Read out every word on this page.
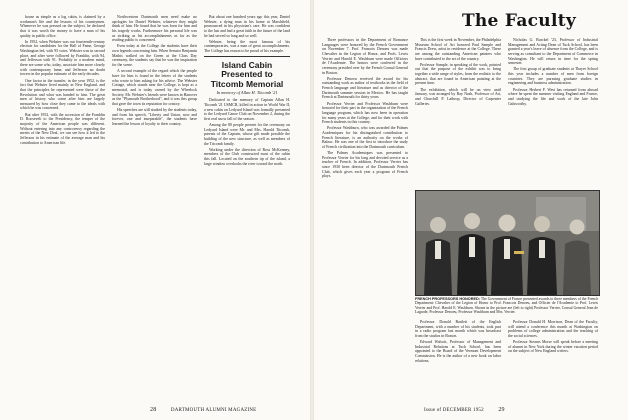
house as simple as a log cabin, is claimed by a workman's life and the lessons of his countrymen. Whenever he was pressed on the subject, he declared that it was worth the money to have a man of his quality in public office.

In 1952, when Webster was our fourteenth-century election for candidates for the Hall of Fame, George Washington led, with 95 votes. Webster was in second place, and after were followed by Franklin, with 94, and Jefferson with 91. Probably to a modern mind, there are some who, today, associate him more closely with contemporary fame, and Jefferson no doubt towers in the popular estimate of the early decades.

One factor in the transfer, in the year 1952, is the fact that Webster lived mainly in New England, and that the principles he represented were those of the Revolution and what was handed to him. The great men of history who come after him are largely measured by how close they came to the ideals with which he was concerned.

But after 1952, with the accession of the Franklin D. Roosevelt to the Presidency, the temper of the majority of the American people was different. Without entering into any controversy regarding the merits of the New Deal, we can see how it led to the Jefferson in his estimate of the average man and his contribution to American life.

Northwestern Dartmouth men need make no apologies for Daniel Webster, whatever they might think of him. He found that he was born for him and his tragedy works. Furthermore his personal life was as striking as his accomplishments as far as the reading public is concerned.

Even today at the College the students have their own legends concerning him. When Senator Benjamin Mathis walked on the Green at the Class Day ceremony, the students say that he was the inspiration for the scene.

A second example of the regard which the people have for him is found in the letters of the students who wrote to him asking for his advice. The Webster Cottage, which stands near the College, is kept as a memorial, and is today owned by the Wheelock Society. Mr. Webster's friends were known in Hanover as the "Plymouth Brotherhood", and it was this group that gave the town its reputation for oratory.

His speeches are still studied by the students today, and from his speech, "Liberty and Union, now and forever, one and inseparable", the students have learned the lesson of loyalty to their country.

But about one hundred years ago this year, Daniel Webster, a dying man in his home at Marshfield, pronounced in his physician's care. He was confident to the last and had a great faith in the future of the land he had served so long and so well.

Webster, being the most famous of his contemporaries, was a man of great accomplishments. The College has reason to be proud of his example.

Island Cabin Presented to Titcomb Memorial
In memory of Allan H. Titcomb '21

Dedicated to the memory of Captain Allan H. Titcomb '21 USMCR, killed in action in World War II, a new cabin on Ledyard Island was formally presented to the Ledyard Canoe Club on November 2, during the first real snow fall of the season.

Among the 80 people present for the ceremony on Ledyard Island were Mr. and Mrs. Harold Titcomb, parents of the Captain, whose gift made possible the building of the new structure, as well as members of the Titcomb family.

Working under the direction of Ross McKenney, members of the Club constructed most of the cabin this fall. Located on the southern tip of the island, a large window overlooks the river toward the north.

28	DARTMOUTH ALUMNI MAGAZINE
The Faculty

Three professors in the Department of Romance Languages were honored by the French Government on November 7. Prof. Francois Denoeu was made Chevalier in the Legion of Honor, and Profs. Lewis Verrier and Harold E. Washburn were made Officiers de l'Academie. The honors were conferred in the ceremony presided over by the French Consul General in Boston.

Professor Denoeu received the award for his outstanding work as author of textbooks in the field of French language and literature and as director of the Dartmouth summer session in Mexico. He has taught French at Dartmouth for thirty years.

Professor Verrier and Professor Washburn were honored for their part in the organization of the French language program, which has now been in operation for many years at the College, and for their work with French students in this country.

Professor Washburn, who was awarded the Palmes Academiques for his distinguished contribution to French literature, is an authority on the works of Balzac. He was one of the first to introduce the study of French civilization into the Dartmouth curriculum.

The Palmes Academiques was presented to Professor Verrier for his long and devoted service as a teacher of French. In addition, Professor Verrier has since 1930 been director of the Dartmouth French Club, which gives each year a program of French plays.

This is the first week in November, the Philadelphia Museum School of Art honored Paul Sample and Francis Drew, artist in residence at the College. These are among the outstanding American painters who have contributed to the art of the country.

Professor Sample, in speaking of the work, pointed out that the purpose of the exhibit was to bring together a wide range of styles, from the realistic to the abstract, that are found in American painting at the present time.

The exhibition, which will be on view until January, was arranged by Ray Nash, Professor of Art, and Churchill P. Lathrop, Director of Carpenter Galleries.

Nicholas G. Burckel '23, Professor of Industrial Management and Acting Dean of Tuck School, has been granted a year's leave of absence from the College, and is serving as consultant to the Department of Commerce in Washington. He will return in time for the spring semester.

The first group of graduate students at Thayer School this year includes a number of men from foreign countries. They are pursuing graduate studies in engineering and business administration.

Professor Herbert F. West has returned from abroad where he spent the summer visiting England and France, and studying the life and work of the late John Galsworthy.

FRENCH PROFESSORS HONORED: The Government of France presented awards to three members of the French Department: Chevalier of the Legion of Honor to Prof. Francois Denoeu, and Officier de l'Academie to Prof. Lewis Verrier and Prof. Harold E. Washburn. Shown in the picture are (left to right) Professor Verrier, Consul General Jean de Lagarde, Professor Denoeu, Professor Washburn and Mrs. Verrier.

Professor Donald Bartlett of the English Department, with a number of his students, took part in a radio program last month which was broadcast from the studios in Boston.

Edward Walcott, Professor of Management and Industrial Relations at Tuck School, has been appointed to the Board of the Vermont Development Commission. He is the author of a new book on labor relations.

Professor Donald H. Morrison, Dean of the Faculty, will attend a conference this month at Washington on problems of college administration and the teaching of the social sciences.

Professor Stearns Morse will speak before a meeting of alumni in New York during the winter vacation period on the subject of New England writers.

Issue of DECEMBER 1952 29
